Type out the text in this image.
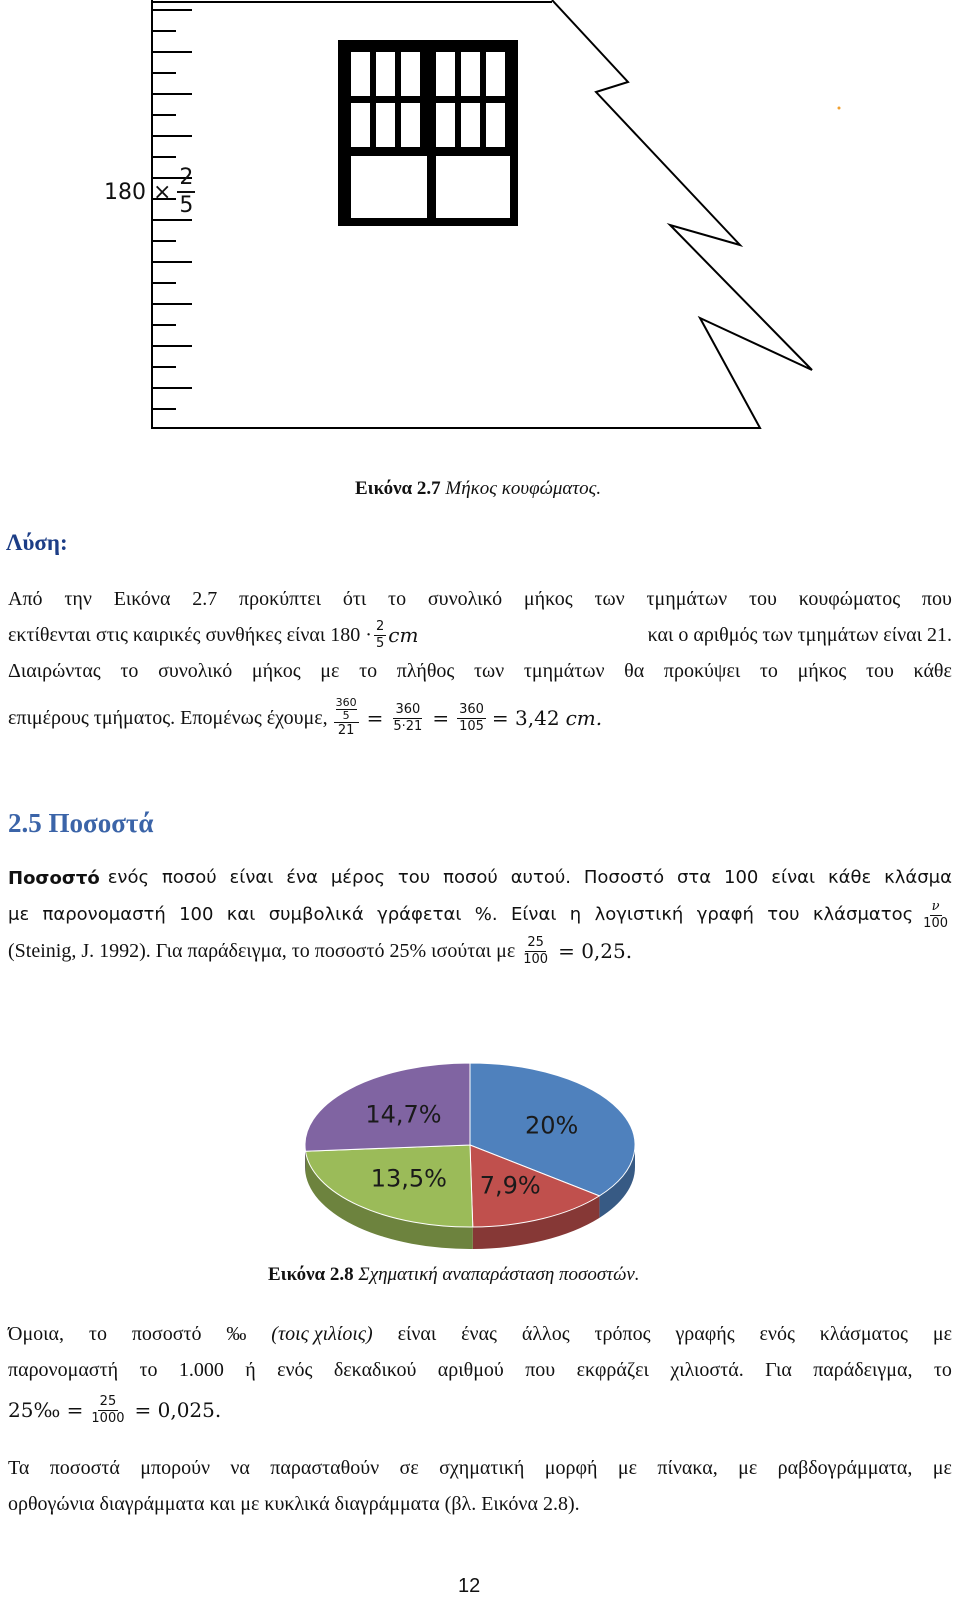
$180 \times \frac{2}{5}$
Εικόνα 2.7 Μήκος κουφώματος.
Λύση:
Από την Εικόνα 2.7 προκύπτει ότι το συνολικό μήκος των τμημάτων του κουφώματος που
εκτίθενται στις καιρικές συνθήκες είναι $180 \cdot \frac{2}{5}$ cm	και ο αριθμός των τμημάτων είναι 21.
Διαιρώντας το συνολικό μήκος με το πλήθος των τμημάτων θα προκύψει το μήκος του κάθε
επιμέρους τμήματος. Επομένως έχουμε, $\frac{\frac{360}{5}}{21} = \frac{360}{5\cdot 21} = \frac{360}{105} = 3,42$ cm.
2.5 Ποσοστά
Ποσοστό ενός ποσού είναι ένα μέρος του ποσού αυτού. Ποσοστό στα 100 είναι κάθε κλάσμα
με παρονομαστή 100 και συμβολικά γράφεται %. Είναι η λογιστική γραφή του κλάσματος $\frac{\nu}{100}$
(Steinig, J. 1992). Για παράδειγμα, το ποσοστό 25% ισούται με $\frac{25}{100} = 0,25$.
20%
7,9%
13,5%
14,7%
Εικόνα 2.8 Σχηματική αναπαράσταση ποσοστών.
Όμοια, το ποσοστό ‰ (τοις χιλίοις) είναι ένας άλλος τρόπος γραφής ενός κλάσματος με
παρονομαστή το 1.000 ή ενός δεκαδικού αριθμού που εκφράζει χιλιοστά. Για παράδειγμα, το
25‰ = $\frac{25}{1000} = 0,025$.
Τα ποσοστά μπορούν να παρασταθούν σε σχηματική μορφή με πίνακα, με ραβδογράμματα, με
ορθογώνια διαγράμματα και με κυκλικά διαγράμματα (βλ. Εικόνα 2.8).
12
